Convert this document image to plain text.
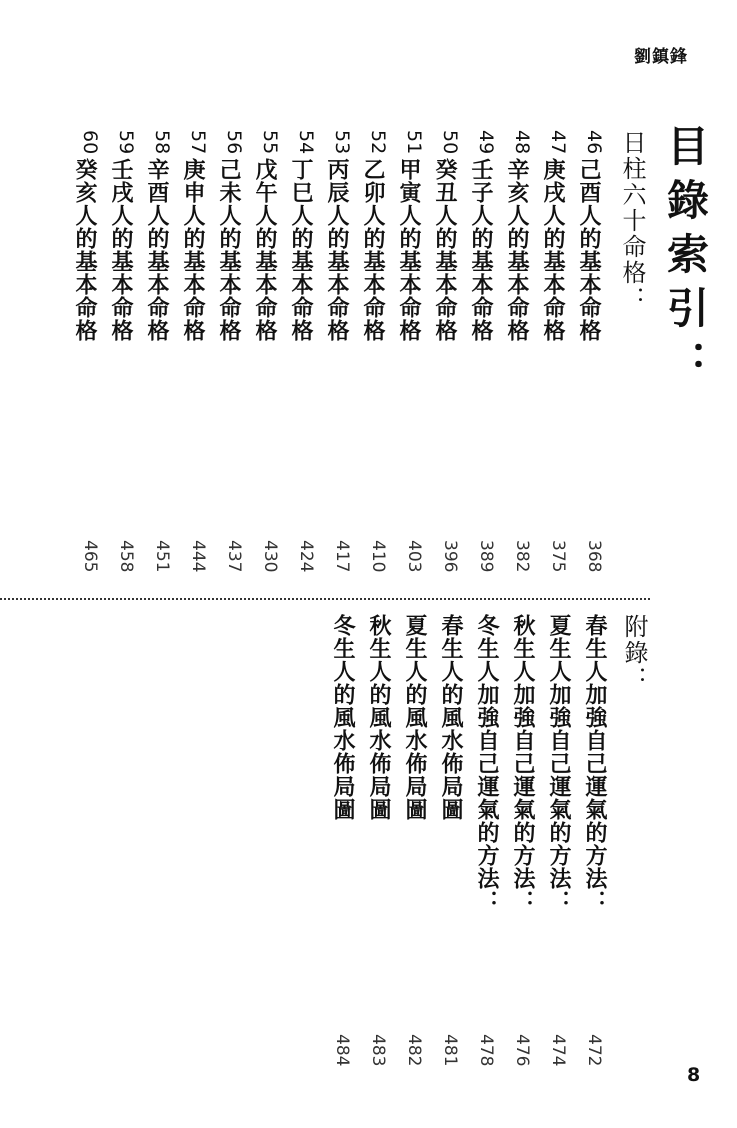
劉鎮鋒
目錄索引：
日柱六十命格：
46己酉人的基本命格
368
47庚戌人的基本命格
375
48辛亥人的基本命格
382
49壬子人的基本命格
389
50癸丑人的基本命格
396
51甲寅人的基本命格
403
52乙卯人的基本命格
410
53丙辰人的基本命格
417
54丁巳人的基本命格
424
55戊午人的基本命格
430
56己未人的基本命格
437
57庚申人的基本命格
444
58辛酉人的基本命格
451
59壬戌人的基本命格
458
60癸亥人的基本命格
465
附錄：
春生人加強自己運氣的方法：
472
夏生人加強自己運氣的方法：
474
秋生人加強自己運氣的方法：
476
冬生人加強自己運氣的方法：
478
春生人的風水佈局圖
481
夏生人的風水佈局圖
482
秋生人的風水佈局圖
483
冬生人的風水佈局圖
484
8
